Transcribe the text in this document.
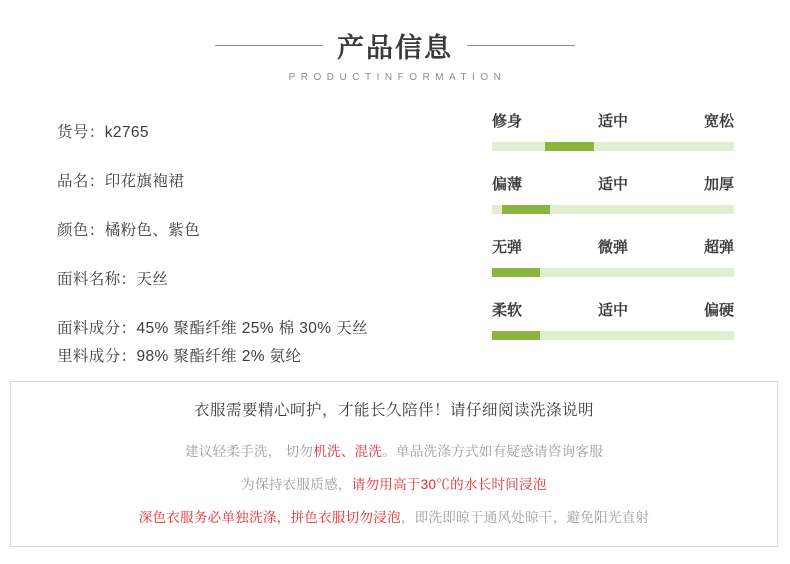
产品信息
PRODUCTINFORMATION
货号：k2765
品名：印花旗袍裙
颜色：橘粉色、紫色
面料名称：天丝
面料成分：45% 聚酯纤维 25% 棉 30% 天丝
里料成分：98% 聚酯纤维 2% 氨纶
修身	适中	宽松
偏薄	适中	加厚
无弹	微弹	超弹
柔软	适中	偏硬
衣服需要精心呵护，才能长久陪伴！请仔细阅读洗涤说明
建议轻柔手洗， 切勿机洗、混洗。单品洗涤方式如有疑惑请咨询客服
为保持衣服质感，请勿用高于30℃的水长时间浸泡
深色衣服务必单独洗涤，拼色衣服切勿浸泡，即洗即晾于通风处晾干，避免阳光直射
